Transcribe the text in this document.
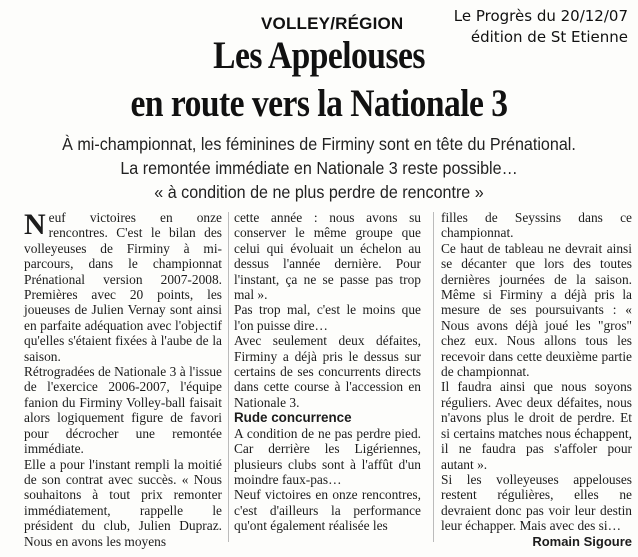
VOLLEY/RÉGION	Le Progrès du 20/12/07
édition de St Etienne
Les Appelouses
en route vers la Nationale 3
À mi-championnat, les féminines de Firminy sont en tête du Prénational.
La remontée immédiate en Nationale 3 reste possible…
« à condition de ne plus perdre de rencontre »

Neuf victoires en onze rencontres. C'est le bilan des volleyeuses de Firminy à mi-parcours, dans le championnat Prénational version 2007-2008. Premières avec 20 points, les joueuses de Julien Vernay sont ainsi en parfaite adéquation avec l'objectif qu'elles s'étaient fixées à l'aube de la saison.

Rétrogradées de Nationale 3 à l'issue de l'exercice 2006-2007, l'équipe fanion du Firminy Volley-ball faisait alors logiquement figure de favori pour décrocher une remontée immédiate.

Elle a pour l'instant rempli la moitié de son contrat avec succès. « Nous souhaitons à tout prix remonter immédiatement, rappelle le président du club, Julien Dupraz. Nous en avons les moyens

cette année : nous avons su conserver le même groupe que celui qui évoluait un échelon au dessus l'année dernière. Pour l'instant, ça ne se passe pas trop mal ».

Pas trop mal, c'est le moins que l'on puisse dire…

Avec seulement deux défaites, Firminy a déjà pris le dessus sur certains de ses concurrents directs dans cette course à l'accession en Nationale 3.

Rude concurrence

A condition de ne pas perdre pied. Car derrière les Ligériennes, plusieurs clubs sont à l'affût d'un moindre faux-pas…

Neuf victoires en onze rencontres, c'est d'ailleurs la performance qu'ont également réalisée les

filles de Seyssins dans ce championnat.

Ce haut de tableau ne devrait ainsi se décanter que lors des toutes dernières journées de la saison. Même si Firminy a déjà pris la mesure de ses poursuivants : « Nous avons déjà joué les "gros" chez eux. Nous allons tous les recevoir dans cette deuxième partie de championnat.

Il faudra ainsi que nous soyons réguliers. Avec deux défaites, nous n'avons plus le droit de perdre. Et si certains matches nous échappent, il ne faudra pas s'affoler pour autant ».

Si les volleyeuses appelouses restent régulières, elles ne devraient donc pas voir leur destin leur échapper. Mais avec des si…

Romain Sigoure
